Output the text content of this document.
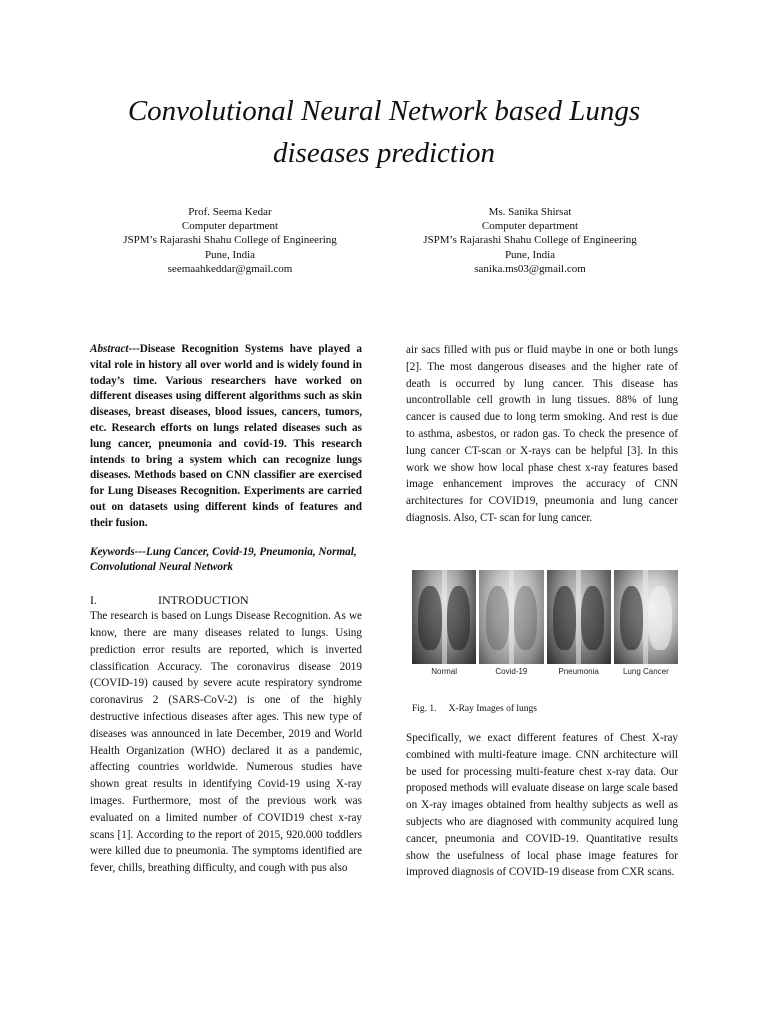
Convolutional Neural Network based Lungs
diseases prediction
Prof. Seema Kedar
Computer department
JSPM’s Rajarashi Shahu College of Engineering
Pune, India
seemaahkeddar@gmail.com
Ms. Sanika Shirsat
Computer department
JSPM’s Rajarashi Shahu College of Engineering
Pune, India
sanika.ms03@gmail.com

Abstract---Disease Recognition Systems have played a vital role in history all over world and is widely found in today’s time. Various researchers have worked on different diseases using different algorithms such as skin diseases, breast diseases, blood issues, cancers, tumors, etc. Research efforts on lungs related diseases such as lung cancer, pneumonia and covid-19. This research intends to bring a system which can recognize lungs diseases. Methods based on CNN classifier are exercised for Lung Diseases Recognition. Experiments are carried out on datasets using different kinds of features and their fusion.

Keywords---Lung Cancer, Covid-19, Pneumonia, Normal, Convolutional Neural Network

I.	INTRODUCTION

The research is based on Lungs Disease Recognition. As we know, there are many diseases related to lungs. Using prediction error results are reported, which is inverted classification Accuracy. The coronavirus disease 2019 (COVID-19) caused by severe acute respiratory syndrome coronavirus 2 (SARS-CoV-2) is one of the highly destructive infectious diseases after ages. This new type of diseases was announced in late December, 2019 and World Health Organization (WHO) declared it as a pandemic, affecting countries worldwide. Numerous studies have shown great results in identifying Covid-19 using X-ray images. Furthermore, most of the previous work was evaluated on a limited number of COVID19 chest x-ray scans [1]. According to the report of 2015, 920.000 toddlers were killed due to pneumonia. The symptoms identified are fever, chills, breathing difficulty, and cough with pus also

air sacs filled with pus or fluid maybe in one or both lungs [2]. The most dangerous diseases and the higher rate of death is occurred by lung cancer. This disease has uncontrollable cell growth in lung tissues. 88% of lung cancer is caused due to long term smoking. And rest is due to asthma, asbestos, or radon gas. To check the presence of lung cancer CT-scan or X-rays can be helpful [3]. In this work we show how local phase chest x-ray features based image enhancement improves the accuracy of CNN architectures for COVID19, pneumonia and lung cancer diagnosis. Also, CT- scan for lung cancer.

Normal	Covid-19	Pneumonia	Lung Cancer
Fig. 1. X-Ray Images of lungs

Specifically, we exact different features of Chest X-ray combined with multi-feature image. CNN architecture will be used for processing multi-feature chest x-ray data. Our proposed methods will evaluate disease on large scale based on X-ray images obtained from healthy subjects as well as subjects who are diagnosed with community acquired lung cancer, pneumonia and COVID-19. Quantitative results show the usefulness of local phase image features for improved diagnosis of COVID-19 disease from CXR scans.
